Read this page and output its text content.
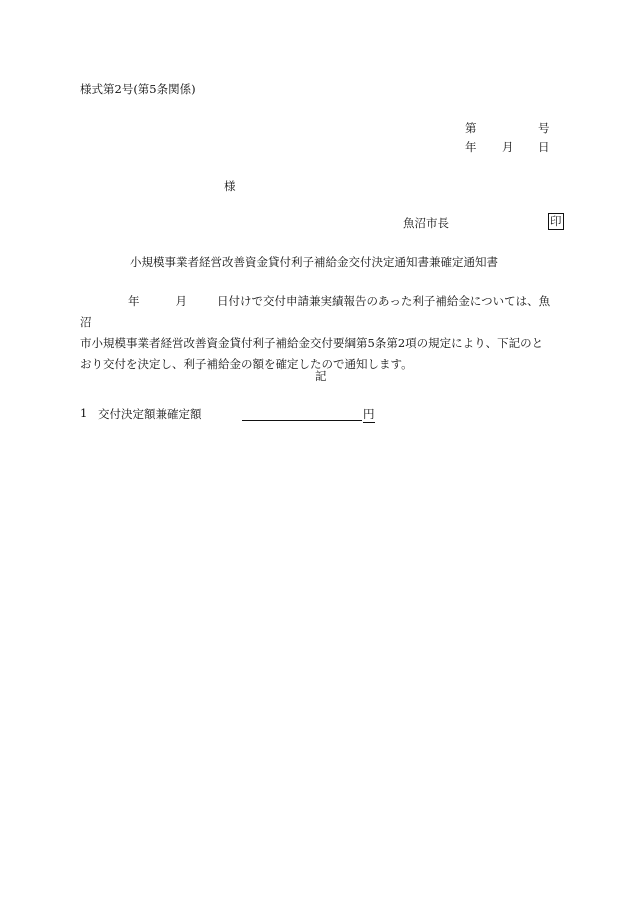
様式第2号(第5条関係)
第	号
年 月 日
様
魚沼市長	印
小規模事業者経営改善資金貸付利子補給金交付決定通知書兼確定通知書
年	月	日付けで交付申請兼実績報告のあった利子補給金については、魚沼
市小規模事業者経営改善資金貸付利子補給金交付要綱第5条第2項の規定により、下記のと
おり交付を決定し、利子補給金の額を確定したので通知します。
記
1 交付決定額兼確定額	円
